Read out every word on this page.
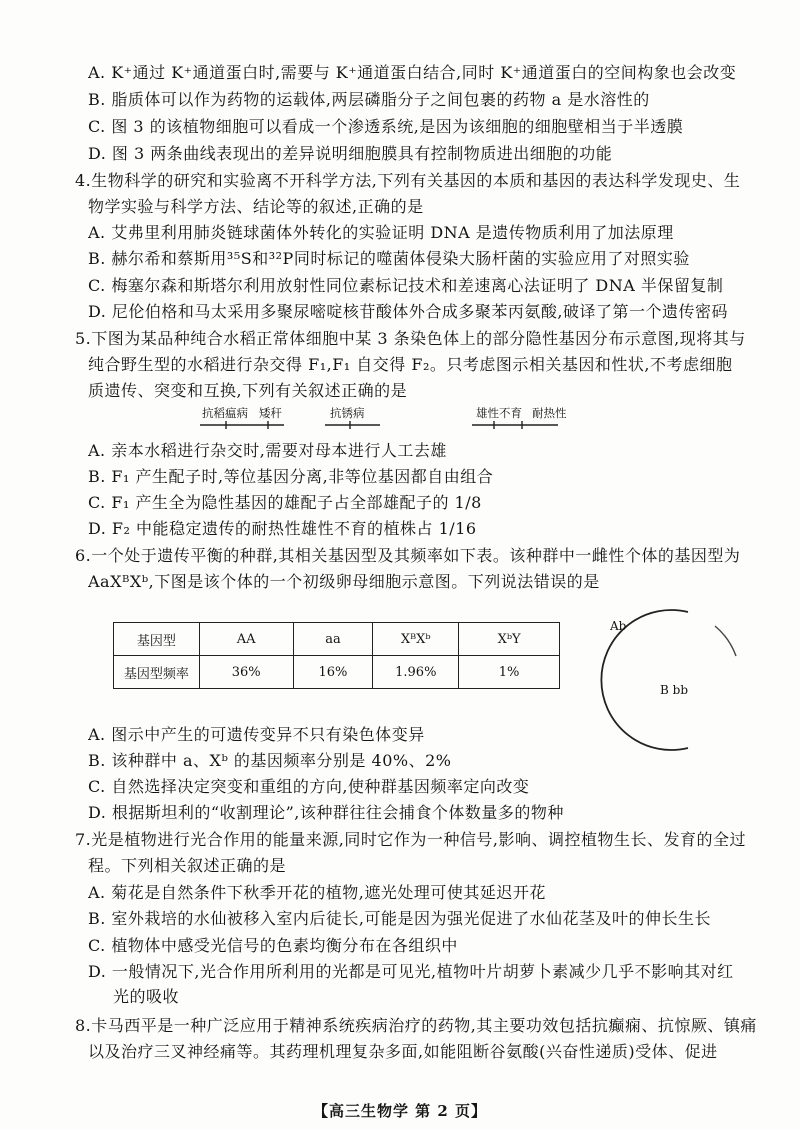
A. K⁺通过 K⁺通道蛋白时,需要与 K⁺通道蛋白结合,同时 K⁺通道蛋白的空间构象也会改变
B. 脂质体可以作为药物的运载体,两层磷脂分子之间包裹的药物 a 是水溶性的
C. 图 3 的该植物细胞可以看成一个渗透系统,是因为该细胞的细胞壁相当于半透膜
D. 图 3 两条曲线表现出的差异说明细胞膜具有控制物质进出细胞的功能
4.生物科学的研究和实验离不开科学方法,下列有关基因的本质和基因的表达科学发现史、生
物学实验与科学方法、结论等的叙述,正确的是
A. 艾弗里利用肺炎链球菌体外转化的实验证明 DNA 是遗传物质利用了加法原理
B. 赫尔希和蔡斯用³⁵S和³²P同时标记的噬菌体侵染大肠杆菌的实验应用了对照实验
C. 梅塞尔森和斯塔尔利用放射性同位素标记技术和差速离心法证明了 DNA 半保留复制
D. 尼伦伯格和马太采用多聚尿嘧啶核苷酸体外合成多聚苯丙氨酸,破译了第一个遗传密码
5.下图为某品种纯合水稻正常体细胞中某 3 条染色体上的部分隐性基因分布示意图,现将其与
纯合野生型的水稻进行杂交得 F₁,F₁ 自交得 F₂。只考虑图示相关基因和性状,不考虑细胞
质遗传、突变和互换,下列有关叙述正确的是
抗稻瘟病 矮秆	抗锈病	雄性不育 耐热性
A. 亲本水稻进行杂交时,需要对母本进行人工去雄
B. F₁ 产生配子时,等位基因分离,非等位基因都自由组合
C. F₁ 产生全为隐性基因的雄配子占全部雄配子的 1/8
D. F₂ 中能稳定遗传的耐热性雄性不育的植株占 1/16
6.一个处于遗传平衡的种群,其相关基因型及其频率如下表。该种群中一雌性个体的基因型为
AaXᴮXᵇ,下图是该个体的一个初级卵母细胞示意图。下列说法错误的是
基因型	AA	aa	XᴮXᵇ	XᵇY
基因型频率	36%	16%	1.96%	1%
Ab
B bb
A. 图示中产生的可遗传变异不只有染色体变异
B. 该种群中 a、Xᵇ 的基因频率分别是 40%、2%
C. 自然选择决定突变和重组的方向,使种群基因频率定向改变
D. 根据斯坦利的“收割理论”,该种群往往会捕食个体数量多的物种
7.光是植物进行光合作用的能量来源,同时它作为一种信号,影响、调控植物生长、发育的全过
程。下列相关叙述正确的是
A. 菊花是自然条件下秋季开花的植物,遮光处理可使其延迟开花
B. 室外栽培的水仙被移入室内后徒长,可能是因为强光促进了水仙花茎及叶的伸长生长
C. 植物体中感受光信号的色素均衡分布在各组织中
D. 一般情况下,光合作用所利用的光都是可见光,植物叶片胡萝卜素减少几乎不影响其对红
光的吸收
8.卡马西平是一种广泛应用于精神系统疾病治疗的药物,其主要功效包括抗癫痫、抗惊厥、镇痛
以及治疗三叉神经痛等。其药理机理复杂多面,如能阻断谷氨酸(兴奋性递质)受体、促进
【高三生物学 第 2 页】
